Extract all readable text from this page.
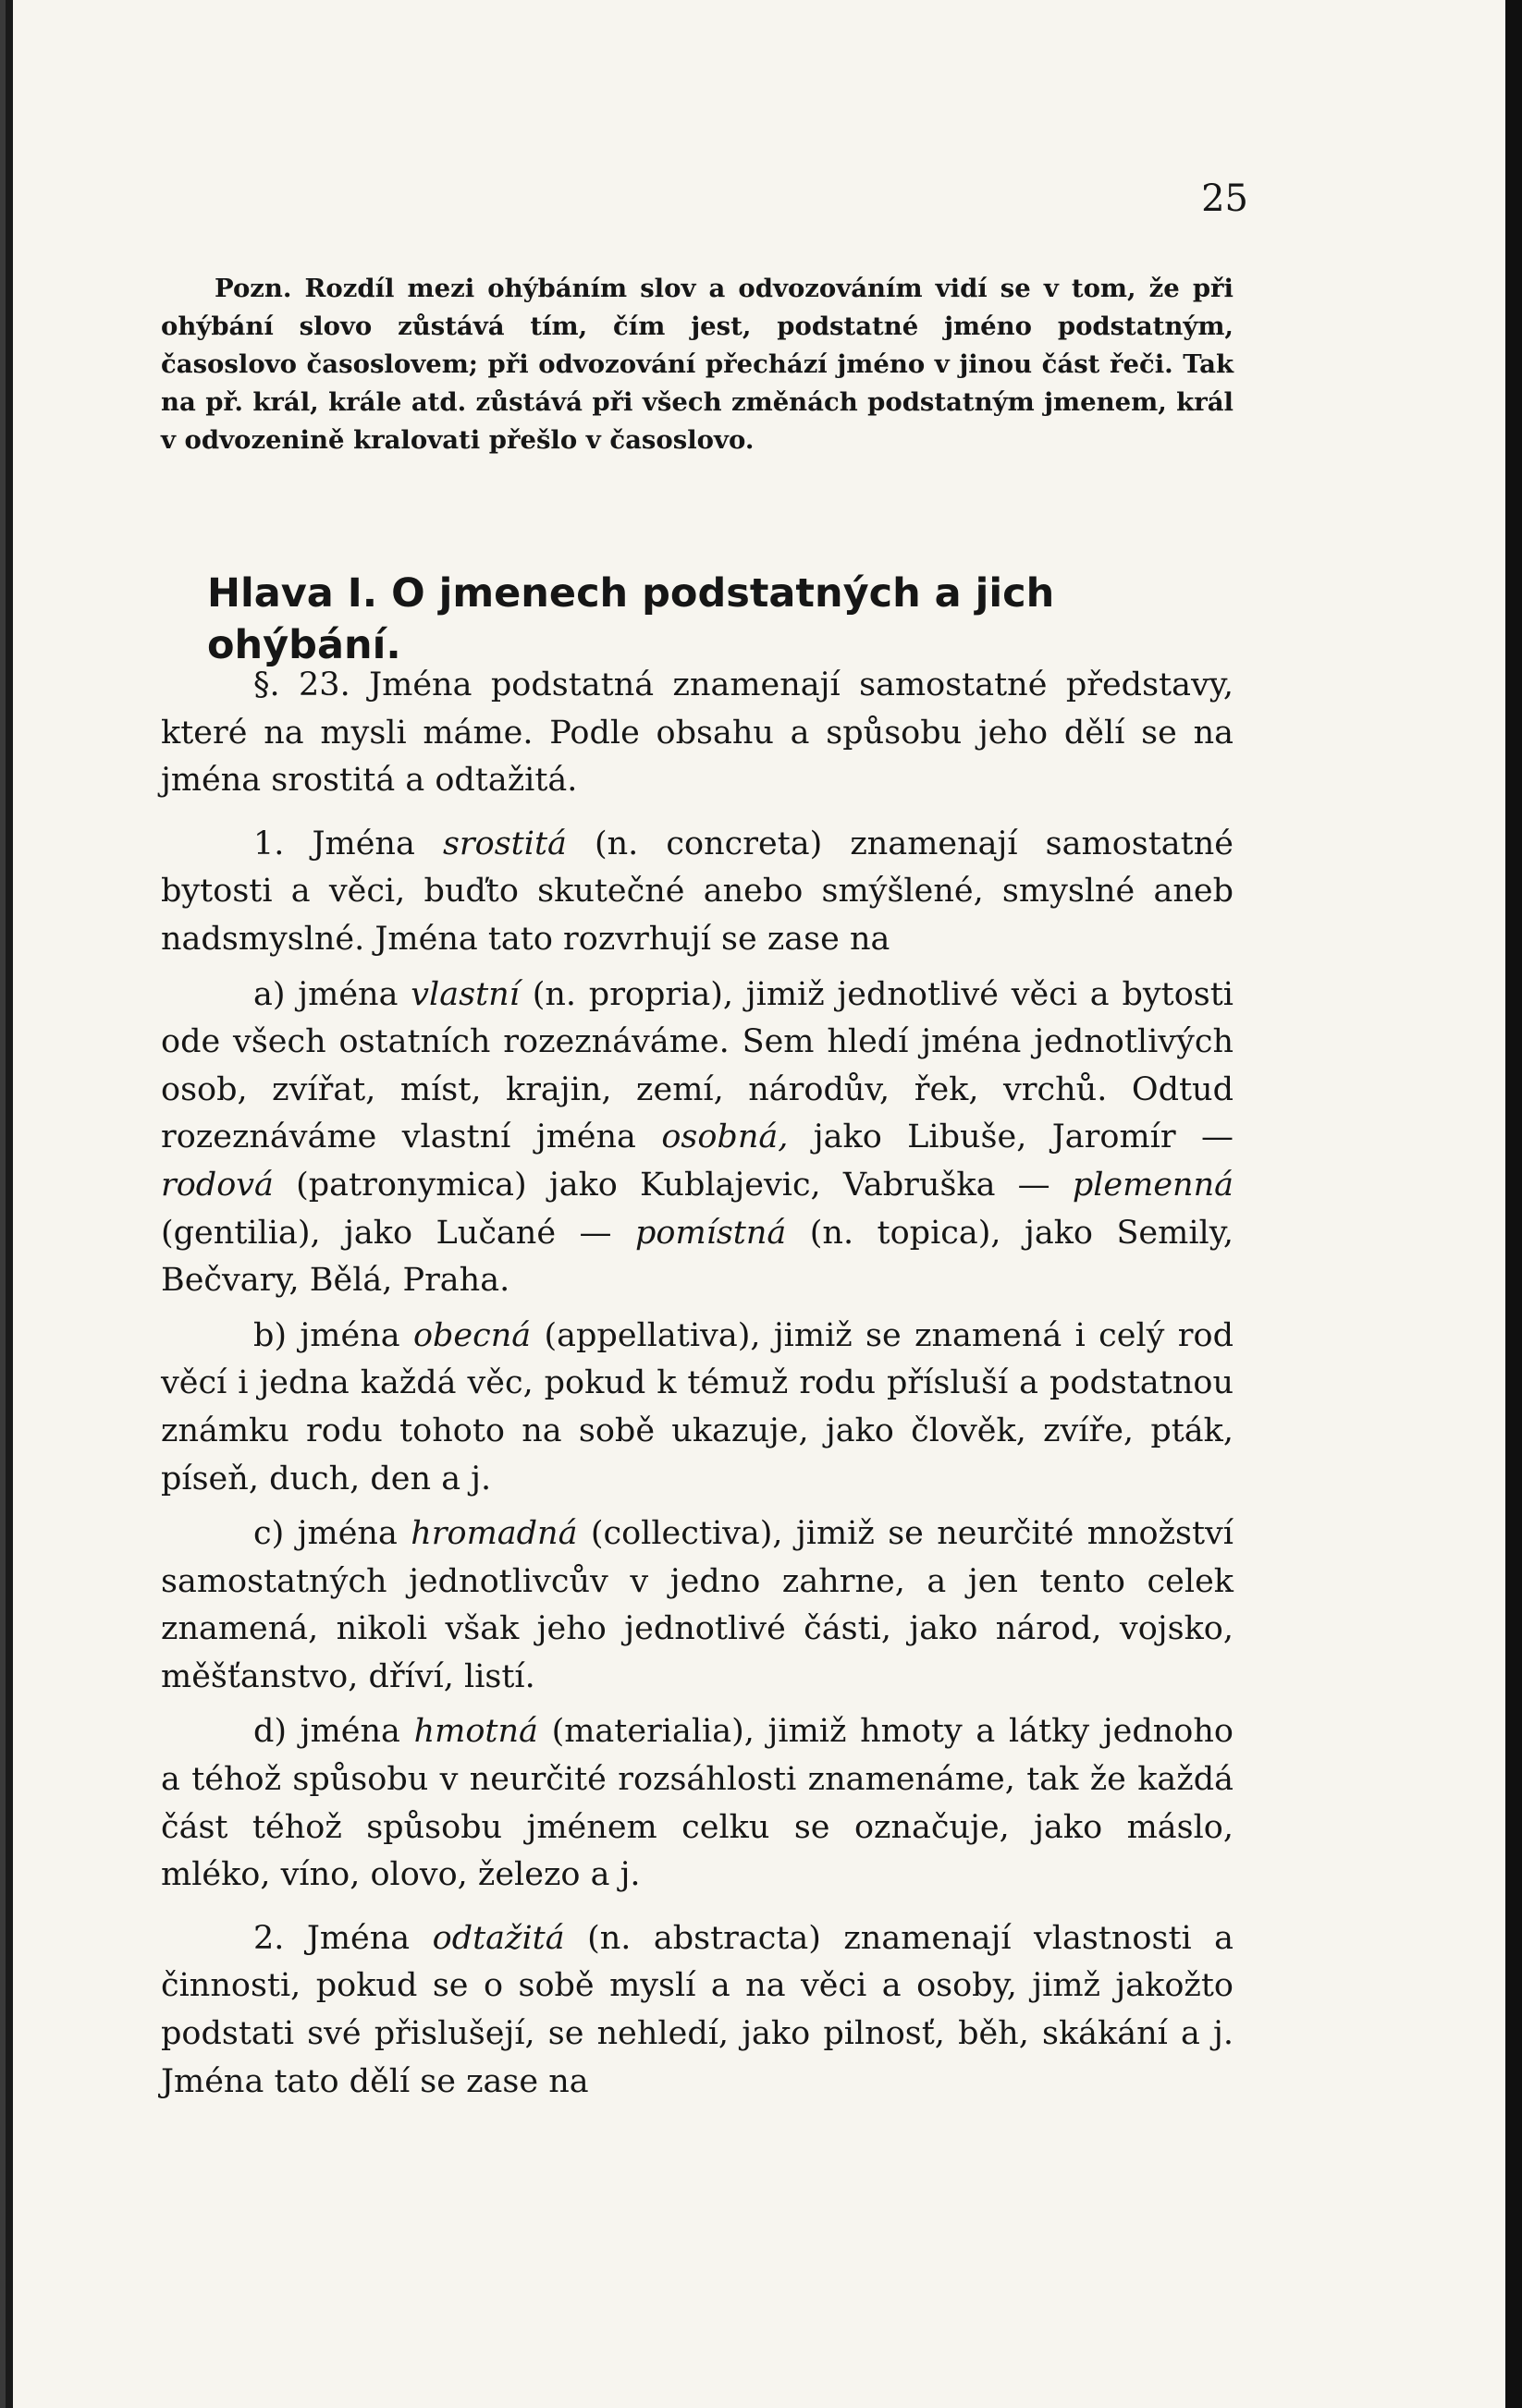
25

Pozn. Rozdíl mezi ohýbáním slov a odvozováním vidí se v tom, že při ohýbání slovo zůstává tím, čím jest, podstatné jméno podstatným, časoslovo časoslovem; při odvozování přechází jméno v jinou část řeči. Tak na př. král, krále atd. zůstává při všech změnách podstatným jmenem, král v odvozenině kralovati přešlo v časoslovo.

Hlava I. O jmenech podstatných a jich ohýbání.

§. 23. Jména podstatná znamenají samostatné představy, které na mysli máme. Podle obsahu a spůsobu jeho dělí se na jména srostitá a odtažitá.

1. Jména srostitá (n. concreta) znamenají samostatné bytosti a věci, buďto skutečné anebo smýšlené, smyslné aneb nadsmyslné. Jména tato rozvrhují se zase na

a) jména vlastní (n. propria), jimiž jednotlivé věci a bytosti ode všech ostatních rozeznáváme. Sem hledí jména jednotlivých osob, zvířat, míst, krajin, zemí, národův, řek, vrchů. Odtud rozeznáváme vlastní jména osobná, jako Libuše, Jaromír — rodová (patronymica) jako Kublajevic, Vabruška — plemenná (gentilia), jako Lučané — pomístná (n. topica), jako Semily, Bečvary, Bělá, Praha.

b) jména obecná (appellativa), jimiž se znamená i celý rod věcí i jedna každá věc, pokud k témuž rodu přísluší a podstatnou známku rodu tohoto na sobě ukazuje, jako člověk, zvíře, pták, píseň, duch, den a j.

c) jména hromadná (collectiva), jimiž se neurčité množství samostatných jednotlivcův v jedno zahrne, a jen tento celek znamená, nikoli však jeho jednotlivé části, jako národ, vojsko, měšťanstvo, dříví, listí.

d) jména hmotná (materialia), jimiž hmoty a látky jednoho a téhož spůsobu v neurčité rozsáhlosti znamenáme, tak že každá část téhož spůsobu jménem celku se označuje, jako máslo, mléko, víno, olovo, železo a j.

2. Jména odtažitá (n. abstracta) znamenají vlastnosti a činnosti, pokud se o sobě myslí a na věci a osoby, jimž jakožto podstati své přislušejí, se nehledí, jako pilnosť, běh, skákání a j. Jména tato dělí se zase na
